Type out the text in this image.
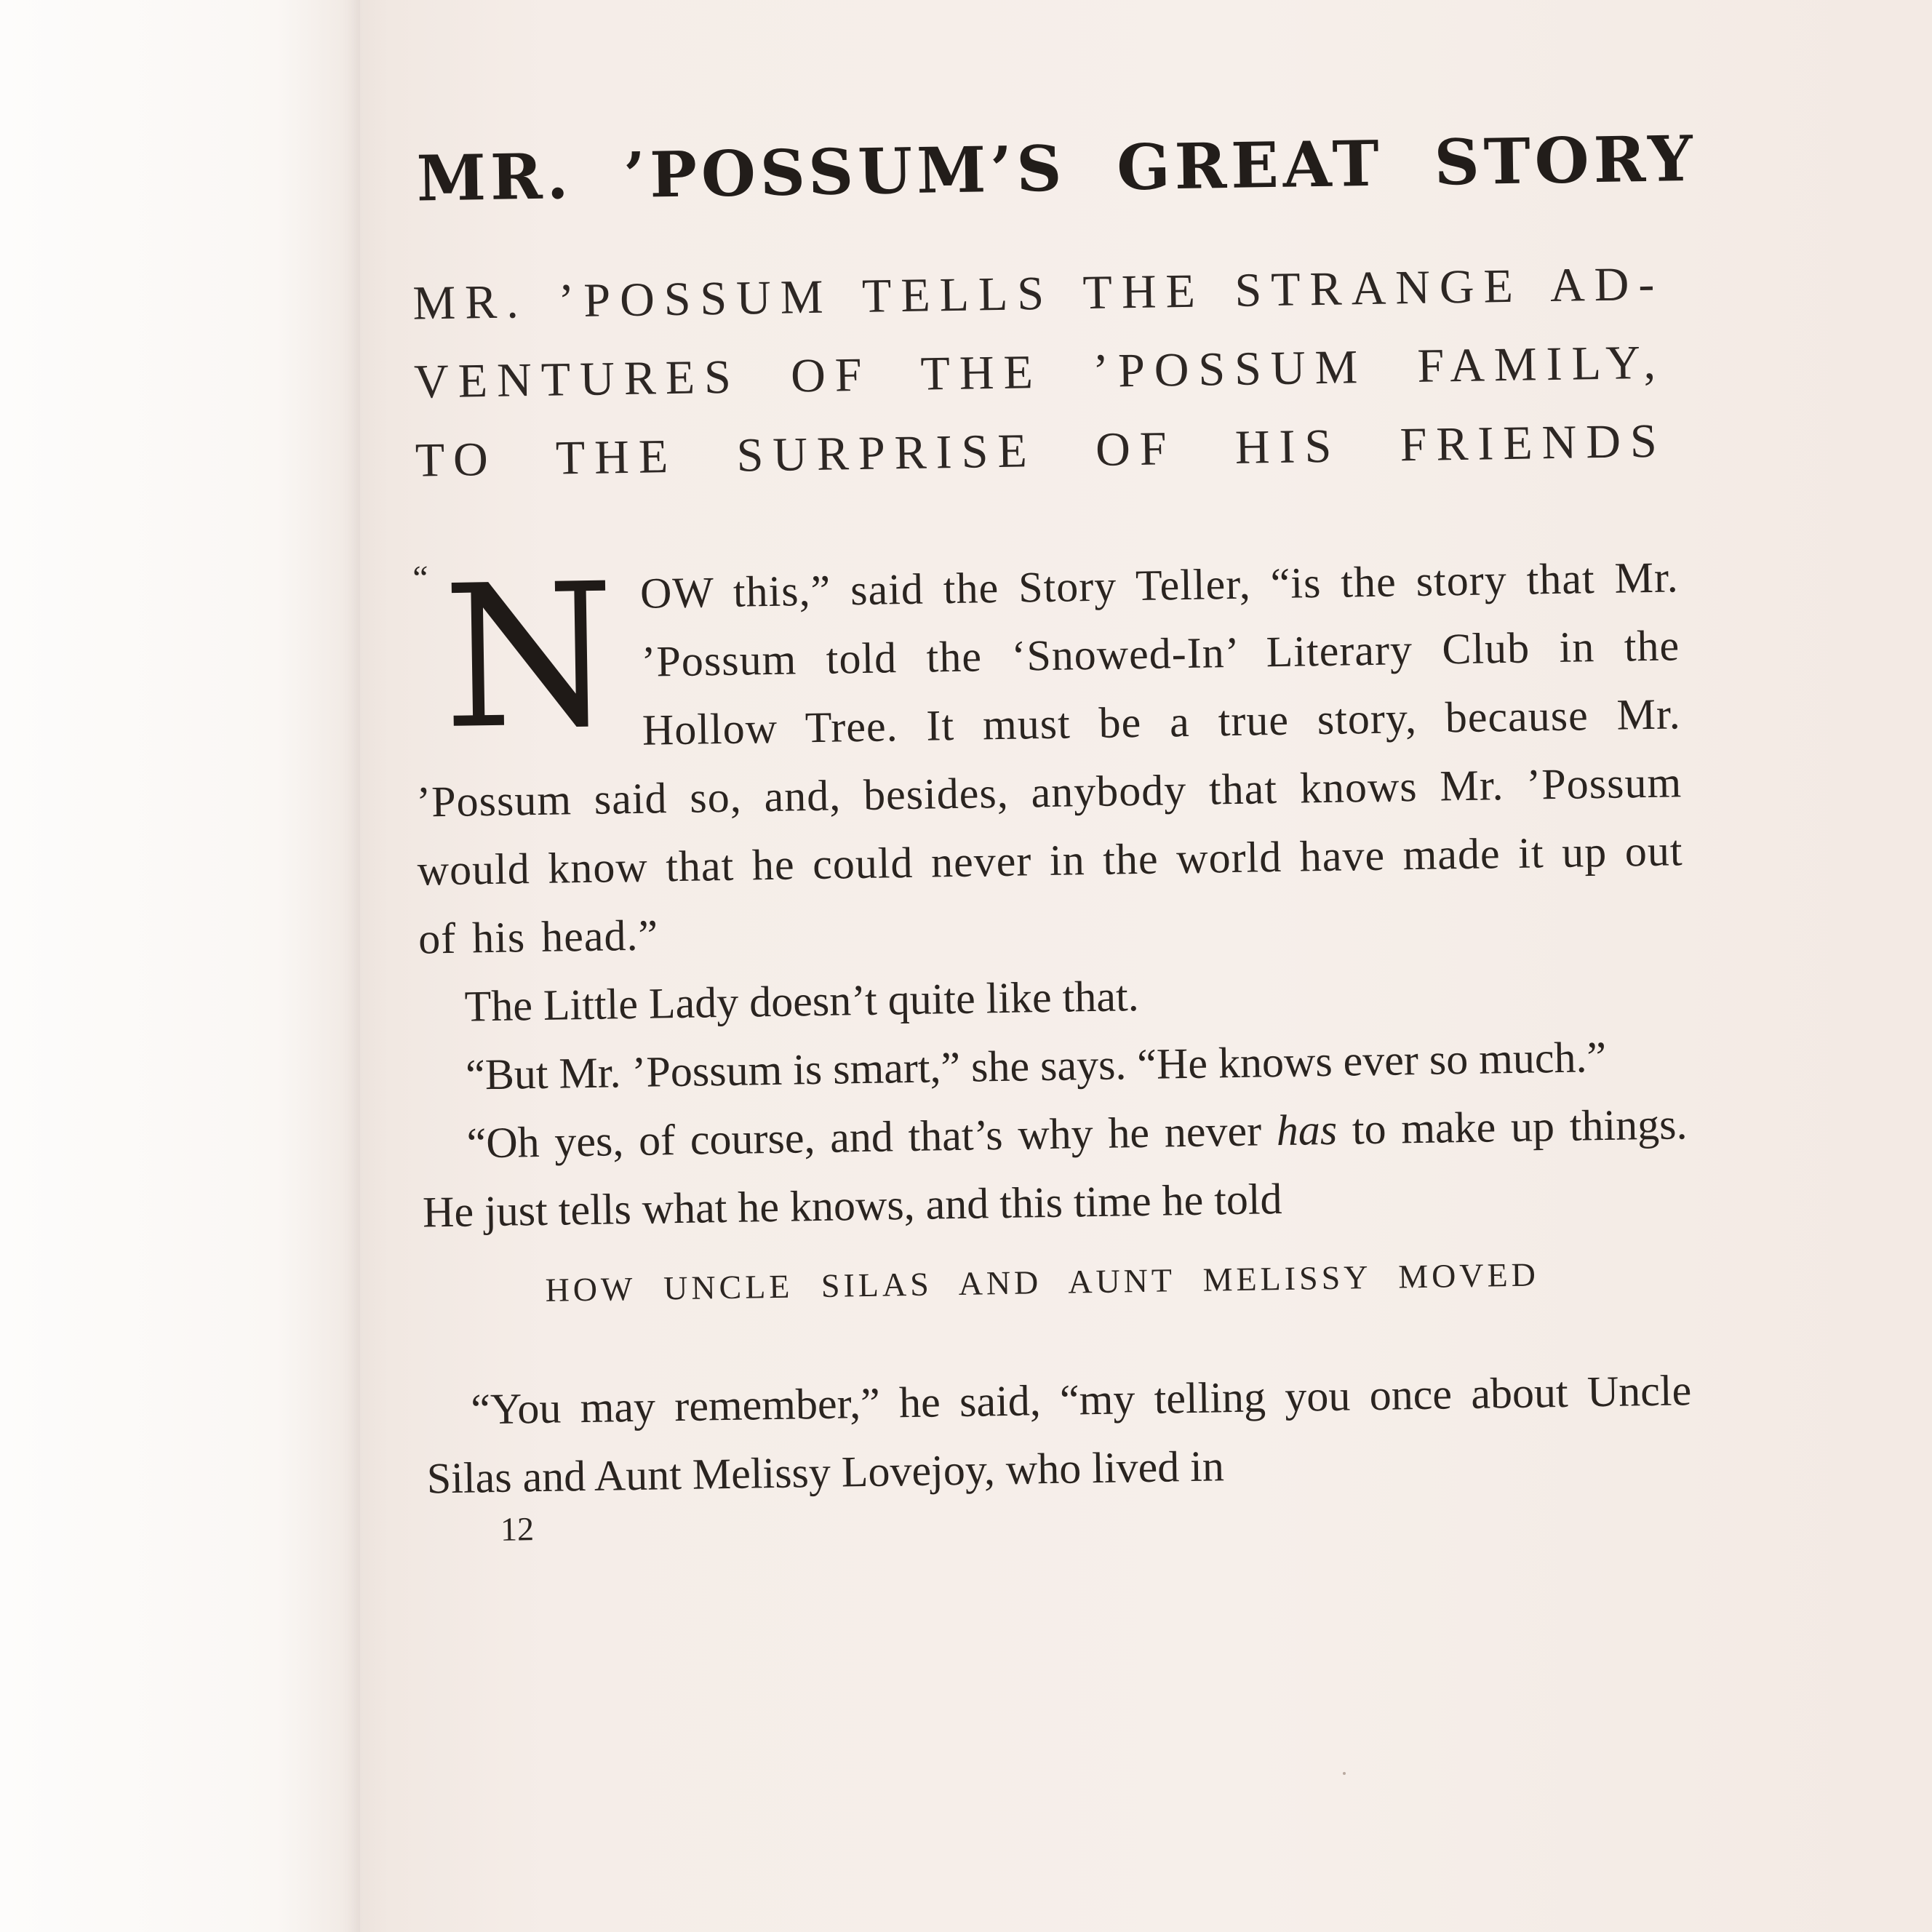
MR. ’POSSUM’S GREAT STORY
MR. ’POSSUM TELLS THE STRANGE AD-
VENTURES OF THE ’POSSUM FAMILY,
TO THE SURPRISE OF HIS FRIENDS

“ N OW this,” said the Story Teller, “is the story that Mr. ’Possum told the ‘Snowed-In’ Literary Club in the Hollow Tree. It must be a true story, because Mr. ’Possum said so, and, besides, anybody that knows Mr. ’Possum would know that he could never in the world have made it up out of his head.”

The Little Lady doesn’t quite like that.

“But Mr. ’Possum is smart,” she says. “He knows ever so much.”

“Oh yes, of course, and that’s why he never has to make up things. He just tells what he knows, and this time he told

HOW UNCLE SILAS AND AUNT MELISSY MOVED

“You may remember,” he said, “my telling you once about Uncle Silas and Aunt Melissy Lovejoy, who lived in

12
